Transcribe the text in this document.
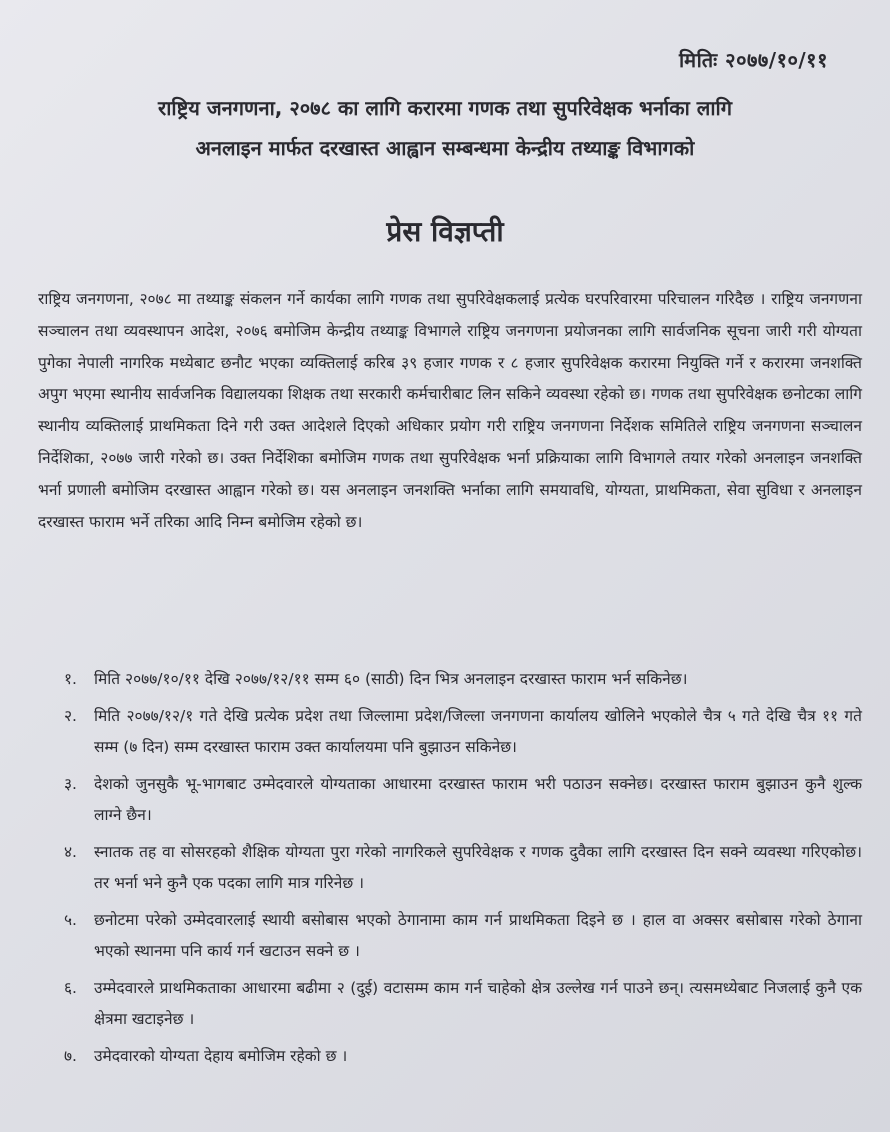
मितिः २०७७/१०/११
राष्ट्रिय जनगणना, २०७८ का लागि करारमा गणक तथा सुपरिवेक्षक भर्नाका लागि
अनलाइन मार्फत दरखास्त आह्वान सम्बन्धमा केन्द्रीय तथ्याङ्क विभागको
प्रेस विज्ञप्ती
राष्ट्रिय जनगणना, २०७८ मा तथ्याङ्क संकलन गर्ने कार्यका लागि गणक तथा सुपरिवेक्षकलाई प्रत्येक घरपरिवारमा परिचालन गरिदैछ । राष्ट्रिय जनगणना सञ्चालन तथा व्यवस्थापन आदेश, २०७६ बमोजिम केन्द्रीय तथ्याङ्क विभागले राष्ट्रिय जनगणना प्रयोजनका लागि सार्वजनिक सूचना जारी गरी योग्यता पुगेका नेपाली नागरिक मध्येबाट छनौट भएका व्यक्तिलाई करिब ३९ हजार गणक र ८ हजार सुपरिवेक्षक करारमा नियुक्ति गर्ने र करारमा जनशक्ति अपुग भएमा स्थानीय सार्वजनिक विद्यालयका शिक्षक तथा सरकारी कर्मचारीबाट लिन सकिने व्यवस्था रहेको छ। गणक तथा सुपरिवेक्षक छनोटका लागि स्थानीय व्यक्तिलाई प्राथमिकता दिने गरी उक्त आदेशले दिएको अधिकार प्रयोग गरी राष्ट्रिय जनगणना निर्देशक समितिले राष्ट्रिय जनगणना सञ्चालन निर्देशिका, २०७७ जारी गरेको छ। उक्त निर्देशिका बमोजिम गणक तथा सुपरिवेक्षक भर्ना प्रक्रियाका लागि विभागले तयार गरेको अनलाइन जनशक्ति भर्ना प्रणाली बमोजिम दरखास्त आह्वान गरेको छ। यस अनलाइन जनशक्ति भर्नाका लागि समयावधि, योग्यता, प्राथमिकता, सेवा सुविधा र अनलाइन दरखास्त फाराम भर्ने तरिका आदि निम्न बमोजिम रहेको छ।
१.	मिति २०७७/१०/११ देखि २०७७/१२/११ सम्म ६० (साठी) दिन भित्र अनलाइन दरखास्त फाराम भर्न सकिनेछ।
२.	मिति २०७७/१२/१ गते देखि प्रत्येक प्रदेश तथा जिल्लामा प्रदेश/जिल्ला जनगणना कार्यालय खोलिने भएकोले चैत्र ५ गते देखि चैत्र ११ गते सम्म (७ दिन) सम्म दरखास्त फाराम उक्त कार्यालयमा पनि बुझाउन सकिनेछ।
३.	देशको जुनसुकै भू-भागबाट उम्मेदवारले योग्यताका आधारमा दरखास्त फाराम भरी पठाउन सक्नेछ। दरखास्त फाराम बुझाउन कुनै शुल्क लाग्ने छैन।
४.	स्नातक तह वा सोसरहको शैक्षिक योग्यता पुरा गरेको नागरिकले सुपरिवेक्षक र गणक दुवैका लागि दरखास्त दिन सक्ने व्यवस्था गरिएकोछ। तर भर्ना भने कुनै एक पदका लागि मात्र गरिनेछ ।
५.	छनोटमा परेको उम्मेदवारलाई स्थायी बसोबास भएको ठेगानामा काम गर्न प्राथमिकता दिइने छ । हाल वा अक्सर बसोबास गरेको ठेगाना भएको स्थानमा पनि कार्य गर्न खटाउन सक्ने छ ।
६.	उम्मेदवारले प्राथमिकताका आधारमा बढीमा २ (दुई) वटासम्म काम गर्न चाहेको क्षेत्र उल्लेख गर्न पाउने छन्। त्यसमध्येबाट निजलाई कुनै एक क्षेत्रमा खटाइनेछ ।
७.	उमेदवारको योग्यता देहाय बमोजिम रहेको छ ।
